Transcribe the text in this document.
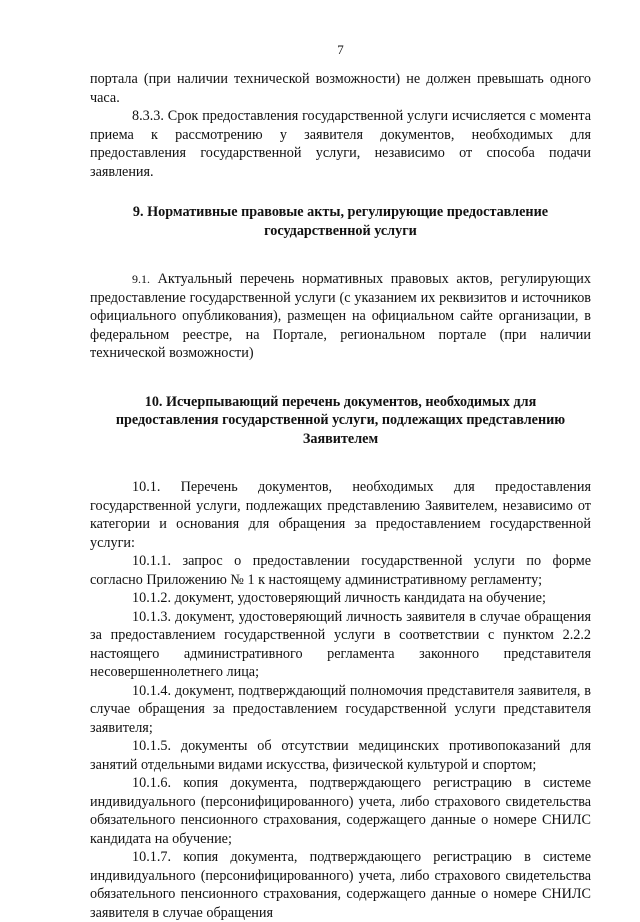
7

портала (при наличии технической возможности) не должен превышать одного часа.

8.3.3. Срок предоставления государственной услуги исчисляется с момента приема к рассмотрению у заявителя документов, необходимых для предоставления государственной услуги, независимо от способа подачи заявления.

9. Нормативные правовые акты, регулирующие предоставление государственной услуги

9.1. Актуальный перечень нормативных правовых актов, регулирующих предоставление государственной услуги (с указанием их реквизитов и источников официального опубликования), размещен на официальном сайте организации, в федеральном реестре, на Портале, региональном портале (при наличии технической возможности)

10. Исчерпывающий перечень документов, необходимых для предоставления государственной услуги, подлежащих представлению Заявителем

10.1. Перечень документов, необходимых для предоставления государственной услуги, подлежащих представлению Заявителем, независимо от категории и основания для обращения за предоставлением государственной услуги:

10.1.1. запрос о предоставлении государственной услуги по форме согласно Приложению № 1 к настоящему административному регламенту;

10.1.2. документ, удостоверяющий личность кандидата на обучение;

10.1.3. документ, удостоверяющий личность заявителя в случае обращения за предоставлением государственной услуги в соответствии с пунктом 2.2.2 настоящего административного регламента законного представителя несовершеннолетнего лица;

10.1.4. документ, подтверждающий полномочия представителя заявителя, в случае обращения за предоставлением государственной услуги представителя заявителя;

10.1.5. документы об отсутствии медицинских противопоказаний для занятий отдельными видами искусства, физической культурой и спортом;

10.1.6. копия документа, подтверждающего регистрацию в системе индивидуального (персонифицированного) учета, либо страхового свидетельства обязательного пенсионного страхования, содержащего данные о номере СНИЛС кандидата на обучение;

10.1.7. копия документа, подтверждающего регистрацию в системе индивидуального (персонифицированного) учета, либо страхового свидетельства обязательного пенсионного страхования, содержащего данные о номере СНИЛС заявителя в случае обращения
